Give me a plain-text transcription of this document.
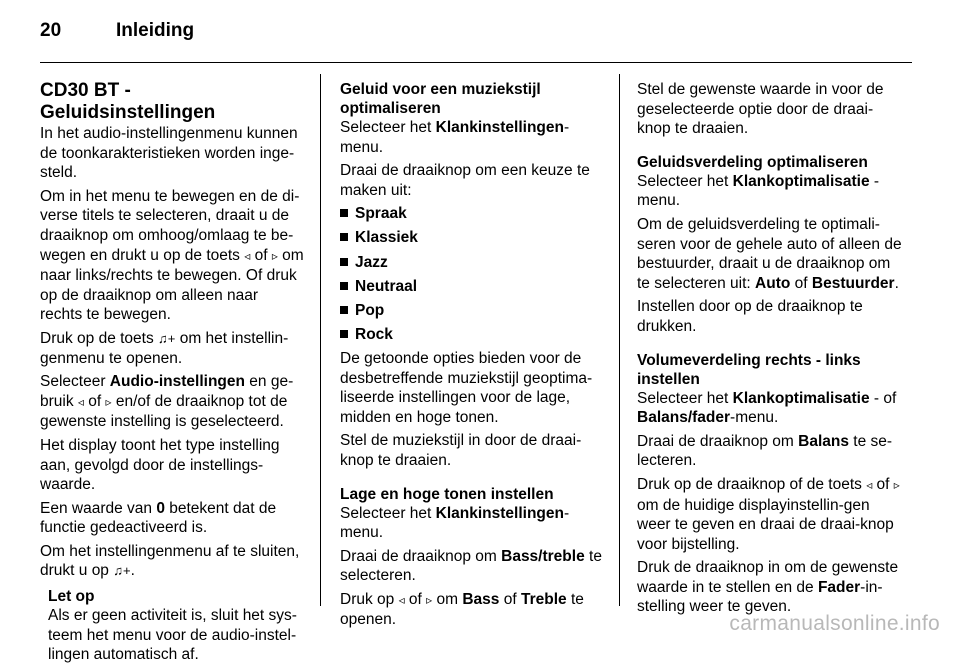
20	Inleiding
CD30 BT - Geluidsinstellingen

In het audio-instellingenmenu kunnen de toonkarakteristieken worden inge-steld.

Om in het menu te bewegen en de di-verse titels te selecteren, draait u de draaiknop om omhoog/omlaag te be-wegen en drukt u op de toets ◃ of ▹ om naar links/rechts te bewegen. Of druk op de draaiknop om alleen naar rechts te bewegen.

Druk op de toets ♫+ om het instellin-genmenu te openen.

Selecteer Audio-instellingen en ge-bruik ◃ of ▹ en/of de draaiknop tot de gewenste instelling is geselecteerd.

Het display toont het type instelling aan, gevolgd door de instellings-waarde.

Een waarde van 0 betekent dat de functie gedeactiveerd is.

Om het instellingenmenu af te sluiten, drukt u op ♫+.

Let op

Als er geen activiteit is, sluit het sys-teem het menu voor de audio-instel-lingen automatisch af.

Geluid voor een muziekstijl optimaliseren

Selecteer het Klankinstellingen-menu.

Draai de draaiknop om een keuze te maken uit:

Spraak
Klassiek
Jazz
Neutraal
Pop
Rock

De getoonde opties bieden voor de desbetreffende muziekstijl geoptima-liseerde instellingen voor de lage, midden en hoge tonen.

Stel de muziekstijl in door de draai-knop te draaien.

Lage en hoge tonen instellen

Selecteer het Klankinstellingen-menu.

Draai de draaiknop om Bass/treble te selecteren.

Druk op ◃ of ▹ om Bass of Treble te openen.

Stel de gewenste waarde in voor de geselecteerde optie door de draai-knop te draaien.

Geluidsverdeling optimaliseren

Selecteer het Klankoptimalisatie -menu.

Om de geluidsverdeling te optimali-seren voor de gehele auto of alleen de bestuurder, draait u de draaiknop om te selecteren uit: Auto of Bestuurder.

Instellen door op de draaiknop te drukken.

Volumeverdeling rechts - links instellen

Selecteer het Klankoptimalisatie - of Balans/fader-menu.

Draai de draaiknop om Balans te se-lecteren.

Druk op de draaiknop of de toets ◃ of ▹ om de huidige displayinstellin-gen weer te geven en draai de draai-knop voor bijstelling.

Druk de draaiknop in om de gewenste waarde in te stellen en de Fader-in-stelling weer te geven.

carmanualsonline.info
